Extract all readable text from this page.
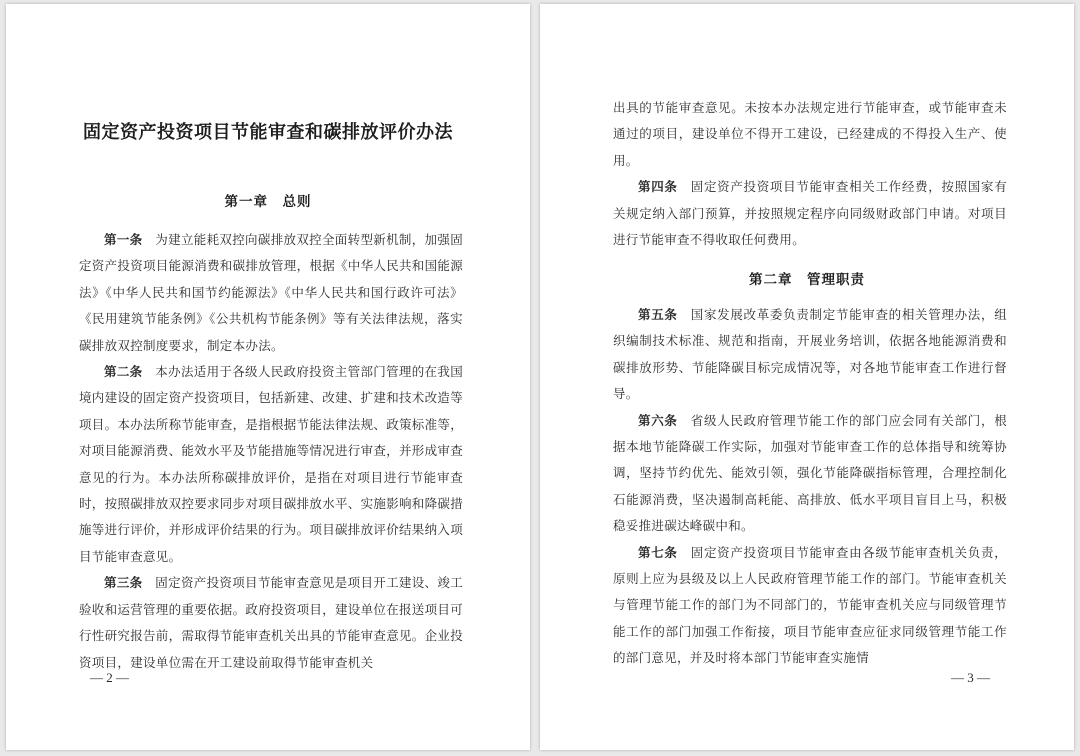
固定资产投资项目节能审查和碳排放评价办法
第一章　总则

第一条　 为建立能耗双控向碳排放双控全面转型新机制，加强固定资产投资项目能源消费和碳排放管理，根据《中华人民共和国能源法》《中华人民共和国节约能源法》《中华人民共和国行政许可法》《民用建筑节能条例》《公共机构节能条例》等有关法律法规，落实碳排放双控制度要求，制定本办法。

第二条　 本办法适用于各级人民政府投资主管部门管理的在我国境内建设的固定资产投资项目，包括新建、改建、扩建和技术改造等项目。本办法所称节能审查，是指根据节能法律法规、政策标准等，对项目能源消费、能效水平及节能措施等情况进行审查，并形成审查意见的行为。本办法所称碳排放评价，是指在对项目进行节能审查时，按照碳排放双控要求同步对项目碳排放水平、实施影响和降碳措施等进行评价，并形成评价结果的行为。项目碳排放评价结果纳入项目节能审查意见。

第三条　 固定资产投资项目节能审查意见是项目开工建设、竣工验收和运营管理的重要依据。政府投资项目，建设单位在报送项目可行性研究报告前，需取得节能审查机关出具的节能审查意见。企业投资项目，建设单位需在开工建设前取得节能审查机关

— 2 —

出具的节能审查意见。未按本办法规定进行节能审查，或节能审查未通过的项目，建设单位不得开工建设，已经建成的不得投入生产、使用。

第四条　 固定资产投资项目节能审查相关工作经费，按照国家有关规定纳入部门预算，并按照规定程序向同级财政部门申请。对项目进行节能审查不得收取任何费用。

第二章　管理职责

第五条　 国家发展改革委负责制定节能审查的相关管理办法，组织编制技术标准、规范和指南，开展业务培训，依据各地能源消费和碳排放形势、节能降碳目标完成情况等，对各地节能审查工作进行督导。

第六条　 省级人民政府管理节能工作的部门应会同有关部门，根据本地节能降碳工作实际，加强对节能审查工作的总体指导和统筹协调，坚持节约优先、能效引领，强化节能降碳指标管理，合理控制化石能源消费，坚决遏制高耗能、高排放、低水平项目盲目上马，积极稳妥推进碳达峰碳中和。

第七条　 固定资产投资项目节能审查由各级节能审查机关负责，原则上应为县级及以上人民政府管理节能工作的部门。节能审查机关与管理节能工作的部门为不同部门的，节能审查机关应与同级管理节能工作的部门加强工作衔接，项目节能审查应征求同级管理节能工作的部门意见，并及时将本部门节能审查实施情

— 3 —
